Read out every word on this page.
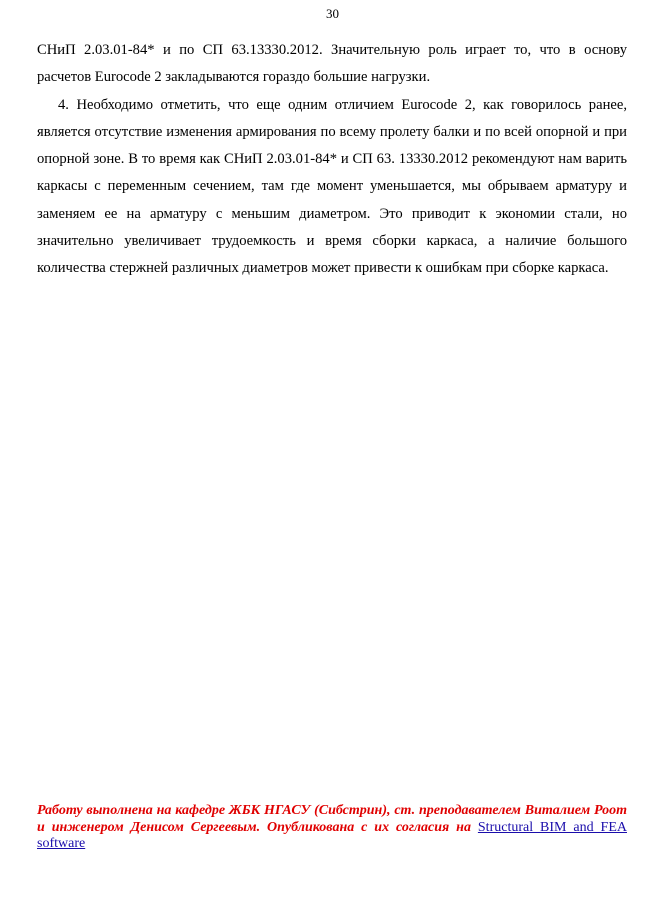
30

СНиП 2.03.01-84* и по СП 63.13330.2012. Значительную роль играет то, что в основу расчетов Eurocode 2 закладываются гораздо большие нагрузки.

4. Необходимо отметить, что еще одним отличием Eurocode 2, как говорилось ранее, является отсутствие изменения армирования по всему пролету балки и по всей опорной и при опорной зоне. В то время как СНиП 2.03.01-84* и СП 63. 13330.2012 рекомендуют нам варить каркасы с переменным сечением, там где момент уменьшается, мы обрываем арматуру и заменяем ее на арматуру с меньшим диаметром. Это приводит к экономии стали, но значительно увеличивает трудоемкость и время сборки каркаса, а наличие большого количества стержней различных диаметров может привести к ошибкам при сборке каркаса.

Работу выполнена на кафедре ЖБК НГАСУ (Сибстрин), ст. преподавателем Виталием Роот и инженером Денисом Сергеевым. Опубликована с их согласия на Structural BIM and FEA software
